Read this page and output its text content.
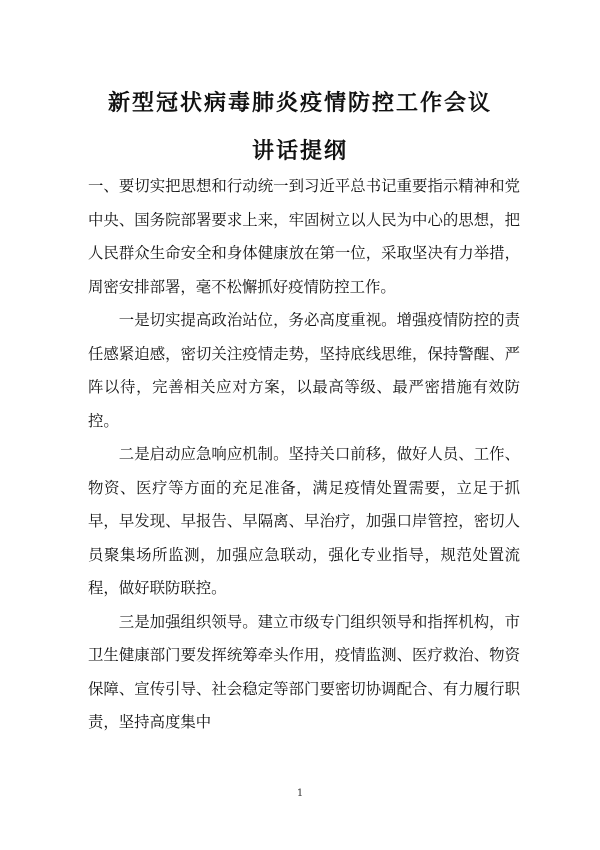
新型冠状病毒肺炎疫情防控工作会议
讲话提纲

一、要切实把思想和行动统一到习近平总书记重要指示精神和党中央、国务院部署要求上来，牢固树立以人民为中心的思想，把人民群众生命安全和身体健康放在第一位，采取坚决有力举措，周密安排部署，毫不松懈抓好疫情防控工作。

一是切实提高政治站位，务必高度重视。增强疫情防控的责任感紧迫感，密切关注疫情走势，坚持底线思维，保持警醒、严阵以待，完善相关应对方案，以最高等级、最严密措施有效防控。

二是启动应急响应机制。坚持关口前移，做好人员、工作、物资、医疗等方面的充足准备，满足疫情处置需要，立足于抓早，早发现、早报告、早隔离、早治疗，加强口岸管控，密切人员聚集场所监测，加强应急联动，强化专业指导，规范处置流程，做好联防联控。

三是加强组织领导。建立市级专门组织领导和指挥机构，市卫生健康部门要发挥统筹牵头作用，疫情监测、医疗救治、物资保障、宣传引导、社会稳定等部门要密切协调配合、有力履行职责，坚持高度集中

1
